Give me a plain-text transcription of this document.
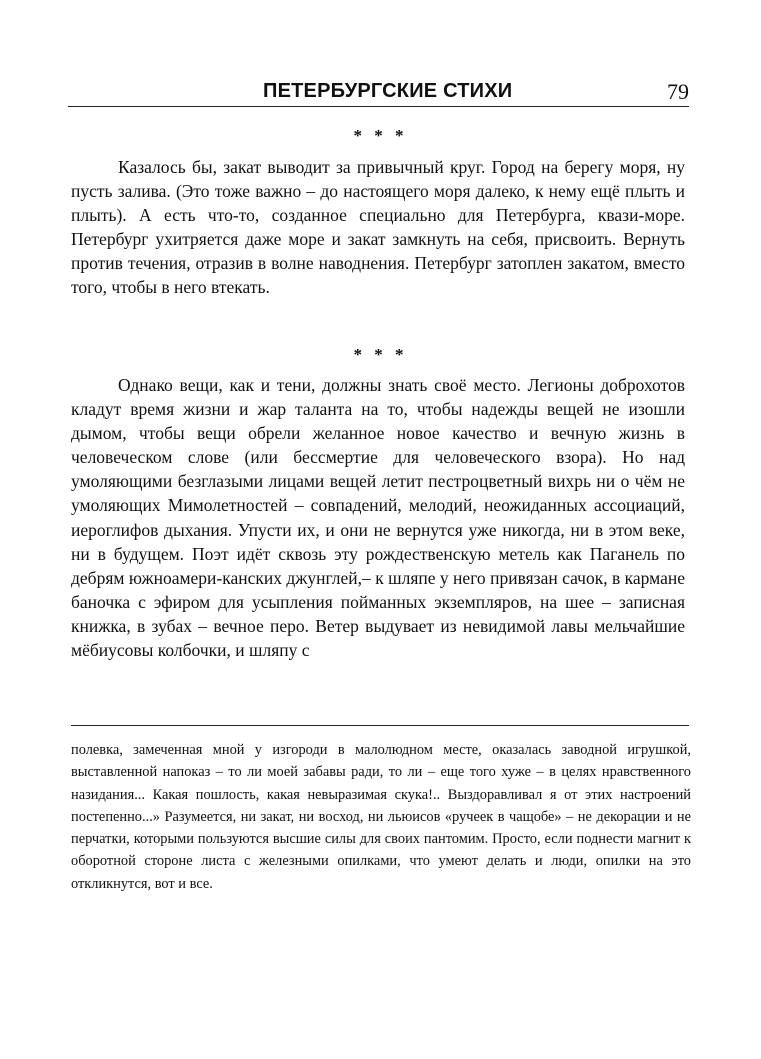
ПЕТЕРБУРГСКИЕ СТИХИ	79
* * *

Казалось бы, закат выводит за привычный круг. Город на берегу моря, ну пусть залива. (Это тоже важно – до настоящего моря далеко, к нему ещё плыть и плыть). А есть что-то, созданное специально для Петербурга, квази-море. Петербург ухитряется даже море и закат замкнуть на себя, присвоить. Вернуть против течения, отразив в волне наводнения. Петербург затоплен закатом, вместо того, чтобы в него втекать.

* * *

Однако вещи, как и тени, должны знать своё место. Легионы доброхотов кладут время жизни и жар таланта на то, чтобы надежды вещей не изошли дымом, чтобы вещи обрели желанное новое качество и вечную жизнь в человеческом слове (или бессмертие для человеческого взора). Но над умоляющими безглазыми лицами вещей летит пестроцветный вихрь ни о чём не умоляющих Мимолетностей – совпадений, мелодий, неожиданных ассоциаций, иероглифов дыхания. Упусти их, и они не вернутся уже никогда, ни в этом веке, ни в будущем. Поэт идёт сквозь эту рождественскую метель как Паганель по дебрям южноамери-канских джунглей,– к шляпе у него привязан сачок, в кармане баночка с эфиром для усыпления пойманных экземпляров, на шее – записная книжка, в зубах – вечное перо. Ветер выдувает из невидимой лавы мельчайшие мёбиусовы колбочки, и шляпу с

полевка, замеченная мной у изгороди в малолюдном месте, оказалась заводной игрушкой, выставленной напоказ – то ли моей забавы ради, то ли – еще того хуже – в целях нравственного назидания... Какая пошлость, какая невыразимая скука!.. Выздоравливал я от этих настроений постепенно...» Разумеется, ни закат, ни восход, ни льюисов «ручеек в чащобе» – не декорации и не перчатки, которыми пользуются высшие силы для своих пантомим. Просто, если поднести магнит к оборотной стороне листа с железными опилками, что умеют делать и люди, опилки на это откликнутся, вот и все.
